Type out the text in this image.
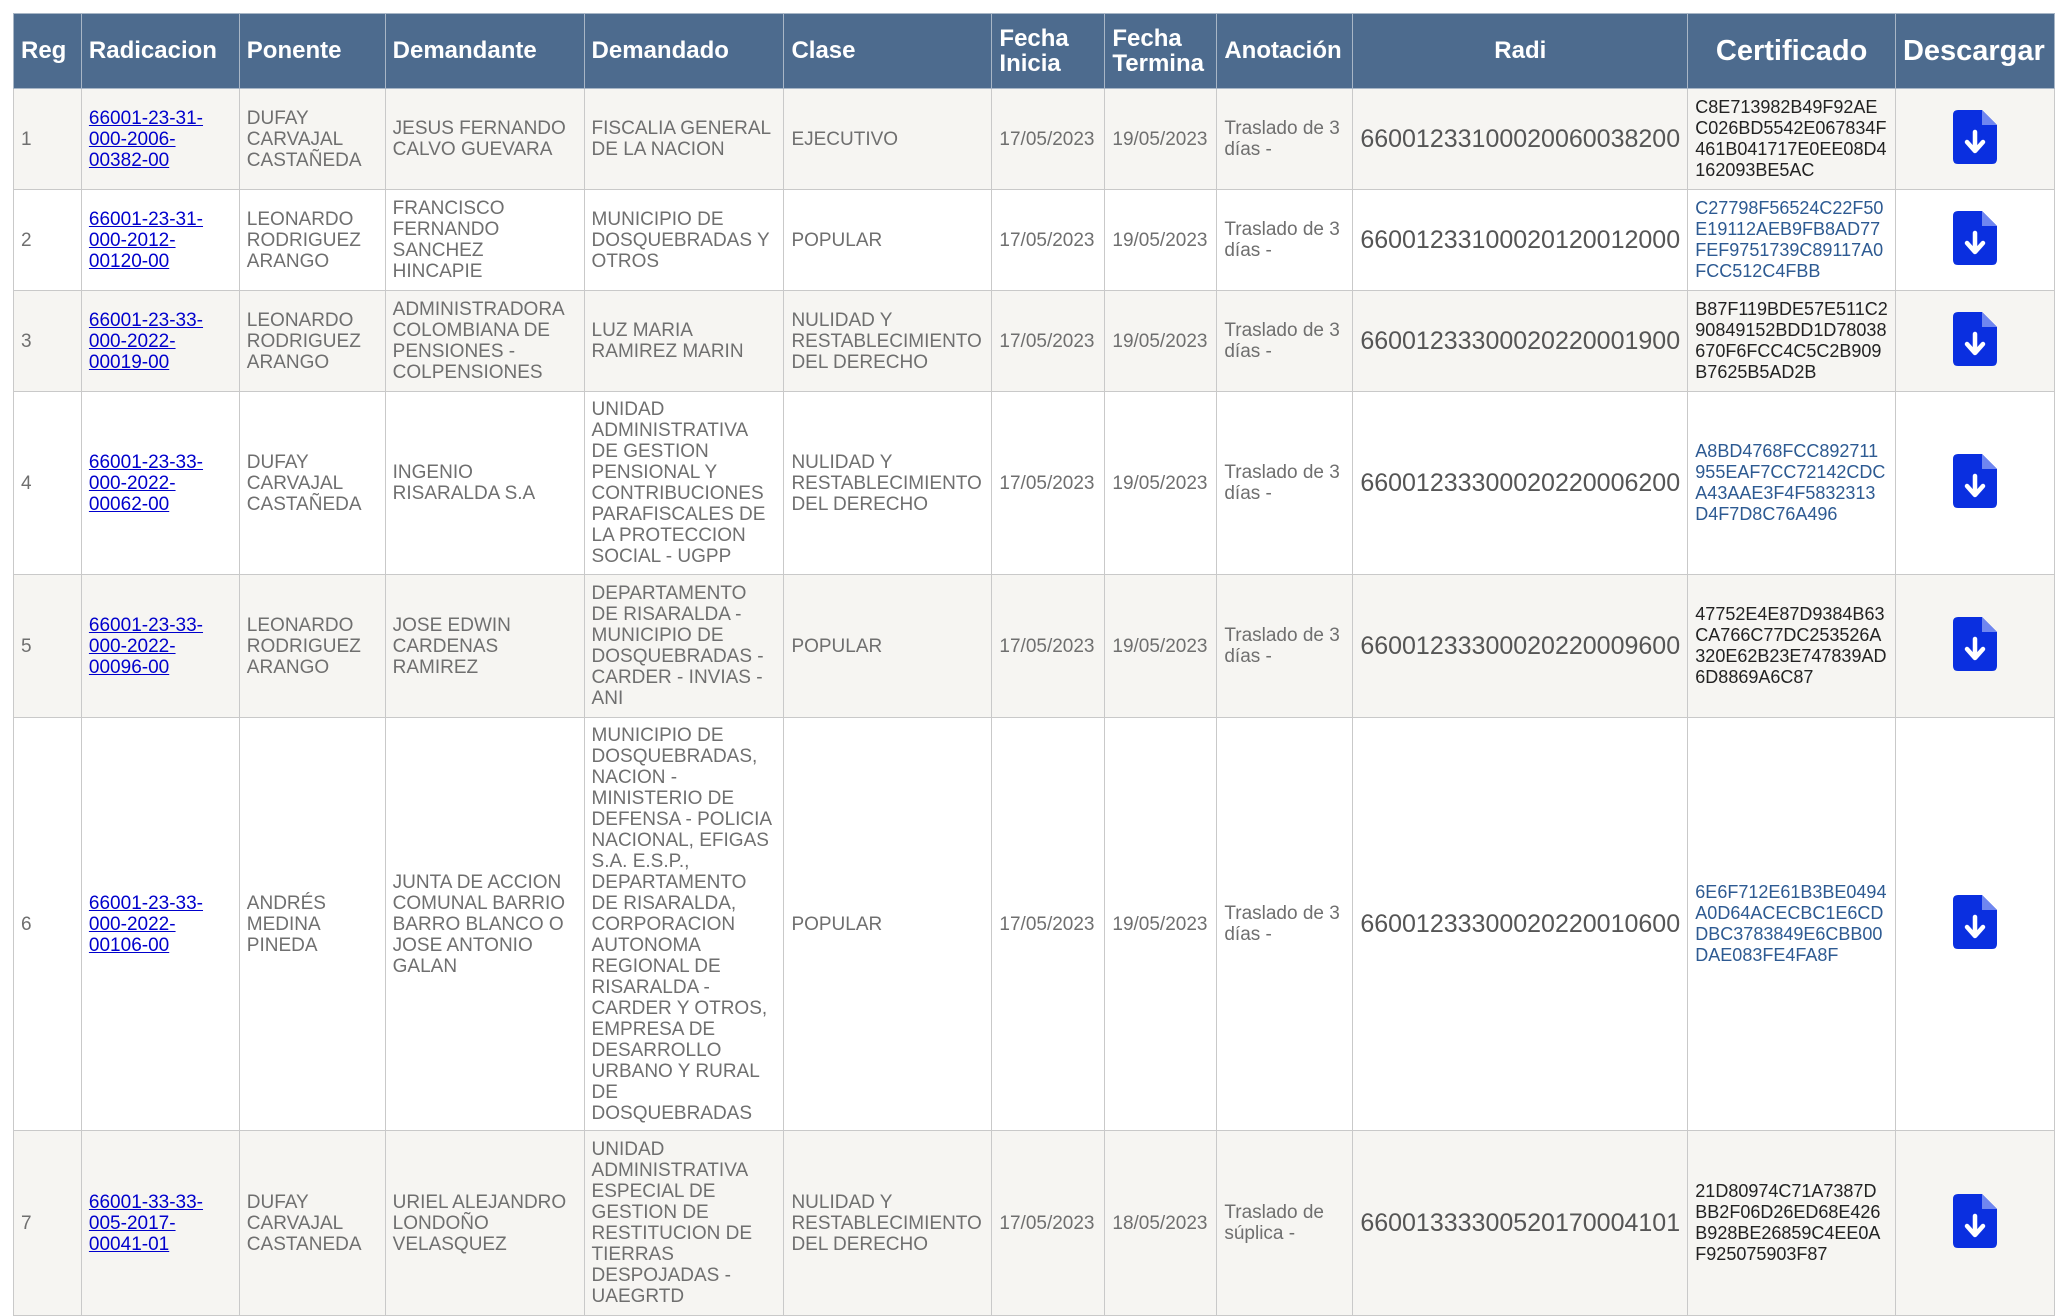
Reg	Radicacion	Ponente	Demandante	Demandado	Clase	Fecha Inicia	Fecha Termina	Anotación	Radi	Certificado	Descargar
1	66001-23-31-000-2006-00382-00	DUFAY CARVAJAL CASTAÑEDA	JESUS FERNANDO CALVO GUEVARA	FISCALIA GENERAL DE LA NACION	EJECUTIVO	17/05/2023	19/05/2023	Traslado de 3 días -	66001233100020060038200	C8E713982B49F92AEC026BD5542E067834F461B041717E0EE08D4162093BE5AC	

2	66001-23-31-000-2012-00120-00	LEONARDO RODRIGUEZ ARANGO	FRANCISCO FERNANDO SANCHEZ HINCAPIE	MUNICIPIO DE DOSQUEBRADAS Y OTROS	POPULAR	17/05/2023	19/05/2023	Traslado de 3 días -	66001233100020120012000	C27798F56524C22F50E19112AEB9FB8AD77FEF9751739C89117A0FCC512C4FBB	

3	66001-23-33-000-2022-00019-00	LEONARDO RODRIGUEZ ARANGO	ADMINISTRADORA COLOMBIANA DE PENSIONES - COLPENSIONES	LUZ MARIA RAMIREZ MARIN	NULIDAD Y RESTABLECIMIENTO DEL DERECHO	17/05/2023	19/05/2023	Traslado de 3 días -	66001233300020220001900	B87F119BDE57E511C290849152BDD1D78038670F6FCC4C5C2B909B7625B5AD2B	

4	66001-23-33-000-2022-00062-00	DUFAY CARVAJAL CASTAÑEDA	INGENIO RISARALDA S.A	UNIDAD ADMINISTRATIVA DE GESTION PENSIONAL Y CONTRIBUCIONES PARAFISCALES DE LA PROTECCION SOCIAL - UGPP	NULIDAD Y RESTABLECIMIENTO DEL DERECHO	17/05/2023	19/05/2023	Traslado de 3 días -	66001233300020220006200	A8BD4768FCC892711955EAF7CC72142CDCA43AAE3F4F5832313D4F7D8C76A496	

5	66001-23-33-000-2022-00096-00	LEONARDO RODRIGUEZ ARANGO	JOSE EDWIN CARDENAS RAMIREZ	DEPARTAMENTO DE RISARALDA - MUNICIPIO DE DOSQUEBRADAS - CARDER - INVIAS - ANI	POPULAR	17/05/2023	19/05/2023	Traslado de 3 días -	66001233300020220009600	47752E4E87D9384B63CA766C77DC253526A320E62B23E747839AD6D8869A6C87	

6	66001-23-33-000-2022-00106-00	ANDRÉS MEDINA PINEDA	JUNTA DE ACCION COMUNAL BARRIO BARRO BLANCO O JOSE ANTONIO GALAN	MUNICIPIO DE DOSQUEBRADAS, NACION - MINISTERIO DE DEFENSA - POLICIA NACIONAL, EFIGAS S.A. E.S.P., DEPARTAMENTO DE RISARALDA, CORPORACION AUTONOMA REGIONAL DE RISARALDA - CARDER Y OTROS, EMPRESA DE DESARROLLO URBANO Y RURAL DE DOSQUEBRADAS	POPULAR	17/05/2023	19/05/2023	Traslado de 3 días -	66001233300020220010600	6E6F712E61B3BE0494A0D64ACECBC1E6CDDBC3783849E6CBB00DAE083FE4FA8F	

7	66001-33-33-005-2017-00041-01	DUFAY CARVAJAL CASTANEDA	URIEL ALEJANDRO LONDOÑO VELASQUEZ	UNIDAD ADMINISTRATIVA ESPECIAL DE GESTION DE RESTITUCION DE TIERRAS DESPOJADAS - UAEGRTD	NULIDAD Y RESTABLECIMIENTO DEL DERECHO	17/05/2023	18/05/2023	Traslado de súplica -	66001333300520170004101	21D80974C71A7387DBB2F06D26ED68E426B928BE26859C4EE0AF925075903F87	
